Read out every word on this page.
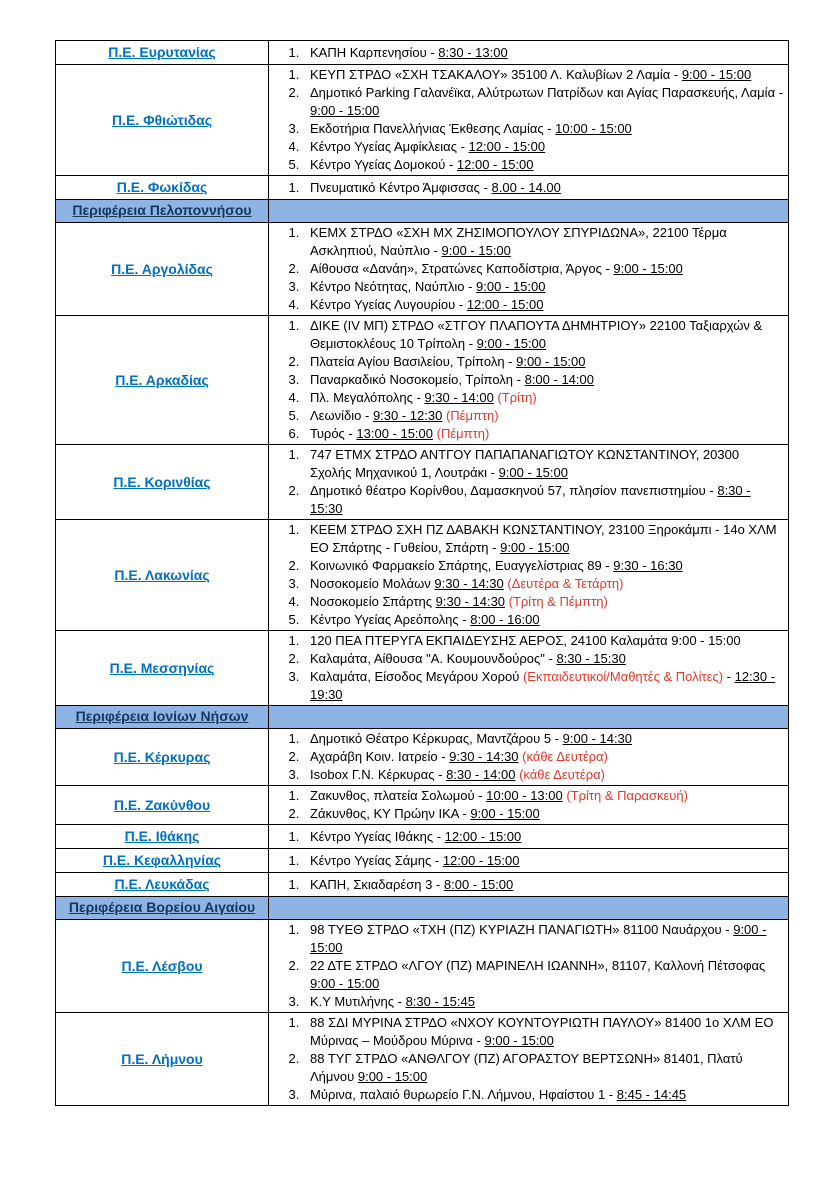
Π.Ε. Ευρυτανίας	
1.ΚΑΠΗ Καρπενησίου - 8:30 - 13:00

Π.Ε. Φθιώτιδας	
1. ΚΕΥΠ ΣΤΡΔΟ «ΣΧΗ ΤΣΑΚΑΛΟΥ» 35100 Λ. Καλυβίων 2 Λαμία - 9:00 - 15:00
2. Δημοτικό Parking Γαλανέϊκα, Αλύτρωτων Πατρίδων και Αγίας Παρασκευής, Λαμία - 9:00 - 15:00
3. Εκδοτήρια Πανελλήνιας Έκθεσης Λαμίας - 10:00 - 15:00
4. Κέντρο Υγείας Αμφίκλειας - 12:00 - 15:00
5. Κέντρο Υγείας Δομοκού - 12:00 - 15:00

Π.Ε. Φωκίδας	
1.Πνευματικό Κέντρο Άμφισσας - 8.00 - 14.00

Περιφέρεια Πελοποννήσου	
Π.Ε. Αργολίδας	
1. ΚΕΜΧ ΣΤΡΔΟ «ΣΧΗ ΜΧ ΖΗΣΙΜΟΠΟΥΛΟΥ ΣΠΥΡΙΔΩΝΑ», 22100 Τέρμα Ασκληπιού, Ναύπλιο - 9:00 - 15:00
2. Αίθουσα «Δανάη», Στρατώνες Καποδίστρια, Άργος - 9:00 - 15:00
3. Κέντρο Νεότητας, Ναύπλιο - 9:00 - 15:00
4. Κέντρο Υγείας Λυγουρίου - 12:00 - 15:00

Π.Ε. Αρκαδίας	
1. ΔΙΚΕ (ΙV ΜΠ) ΣΤΡΔΟ «ΣΤΓΟΥ ΠΛΑΠΟΥΤΑ ΔΗΜΗΤΡΙΟΥ» 22100 Ταξιαρχών & Θεμιστοκλέους 10 Τρίπολη - 9:00 - 15:00
2. Πλατεία Αγίου Βασιλείου, Τρίπολη - 9:00 - 15:00
3. Παναρκαδικό Νοσοκομείο, Τρίπολη - 8:00 - 14:00
4. Πλ. Μεγαλόπολης - 9:30 - 14:00 (Τρίτη)
5. Λεωνίδιο - 9:30 - 12:30 (Πέμπτη)
6. Τυρός - 13:00 - 15:00 (Πέμπτη)

Π.Ε. Κορινθίας	
1. 747 ΕΤΜΧ ΣΤΡΔΟ ΑΝΤΓΟΥ ΠΑΠΑΠΑΝΑΓΙΩΤΟΥ ΚΩΝΣΤΑΝΤΙΝΟΥ, 20300 Σχολής Μηχανικού 1, Λουτράκι - 9:00 - 15:00
2. Δημοτικό θέατρο Κορίνθου, Δαμασκηνού 57, πλησίον πανεπιστημίου - 8:30 - 15:30

Π.Ε. Λακωνίας	
1. ΚΕΕΜ ΣΤΡΔΟ ΣΧΗ ΠΖ ΔΑΒΑΚΗ ΚΩΝΣΤΑΝΤΙΝΟΥ, 23100 Ξηροκάμπι - 14ο ΧΛΜ ΕΟ Σπάρτης - Γυθείου, Σπάρτη - 9:00 - 15:00
2. Κοινωνικό Φαρμακείο Σπάρτης, Ευαγγελίστριας 89 - 9:30 - 16:30
3. Νοσοκομείο Μολάων 9:30 - 14:30 (Δευτέρα & Τετάρτη)
4. Νοσοκομείο Σπάρτης 9:30 - 14:30 (Τρίτη & Πέμπτη)
5. Κέντρο Υγείας Αρεόπολης - 8:00 - 16:00

Π.Ε. Μεσσηνίας	
1. 120 ΠΕΑ ΠΤΕΡΥΓΑ ΕΚΠΑΙΔΕΥΣΗΣ ΑΕΡΟΣ, 24100 Καλαμάτα 9:00 - 15:00
2. Καλαμάτα, Αίθουσα "Α. Κουμουνδούρος" - 8:30 - 15:30
3. Καλαμάτα, Είσοδος Μεγάρου Χορού (Εκπαιδευτικοί/Μαθητές & Πολίτες) - 12:30 - 19:30

Περιφέρεια Ιονίων Νήσων	
Π.Ε. Κέρκυρας	
1. Δημοτικό Θέατρο Κέρκυρας, Μαντζάρου 5 - 9:00 - 14:30
2. Αχαράβη Κοιν. Ιατρείο - 9:30 - 14:30 (κάθε Δευτέρα)
3. Isobox Γ.Ν. Κέρκυρας - 8:30 - 14:00 (κάθε Δευτέρα)

Π.Ε. Ζακύνθου	
1. Ζακυνθος, πλατεία Σολωμού - 10:00 - 13:00 (Τρίτη & Παρασκευή)
2. Ζάκυνθος, ΚΥ Πρώην ΙΚΑ - 9:00 - 15:00

Π.Ε. Ιθάκης	
1.Κέντρο Υγείας Ιθάκης - 12:00 - 15:00

Π.Ε. Κεφαλληνίας	
1.Κέντρο Υγείας Σάμης - 12:00 - 15:00

Π.Ε. Λευκάδας	
1.ΚΑΠΗ, Σκιαδαρέση 3 - 8:00 - 15:00

Περιφέρεια Βορείου Αιγαίου	
Π.Ε. Λέσβου	
1. 98 ΤΥΕΘ ΣΤΡΔΟ «ΤΧΗ (ΠΖ) ΚΥΡΙΑΖΗ ΠΑΝΑΓΙΩΤΗ» 81100 Ναυάρχου - 9:00 - 15:00
2. 22 ΔΤΕ ΣΤΡΔΟ «ΛΓΟΥ (ΠΖ) ΜΑΡΙΝΕΛΗ ΙΩΑΝΝΗ», 81107, Καλλονή Πέτσοφας 9:00 - 15:00
3. Κ.Υ Μυτιλήνης - 8:30 - 15:45

Π.Ε. Λήμνου	
1. 88 ΣΔΙ ΜΥΡΙΝΑ ΣΤΡΔΟ «ΝΧΟΥ ΚΟΥΝΤΟΥΡΙΩΤΗ ΠΑΥΛΟΥ» 81400 1ο ΧΛΜ ΕΟ Μύρινας – Μούδρου Μύρινα - 9:00 - 15:00
2. 88 ΤΥΓ ΣΤΡΔΟ «ΑΝΘΛΓΟΥ (ΠΖ) ΑΓΟΡΑΣΤΟΥ ΒΕΡΤΣΩΝΗ» 81401, Πλατύ Λήμνου 9:00 - 15:00
3. Μύρινα, παλαιό θυρωρείο Γ.Ν. Λήμνου, Ηφαίστου 1 - 8:45 - 14:45
